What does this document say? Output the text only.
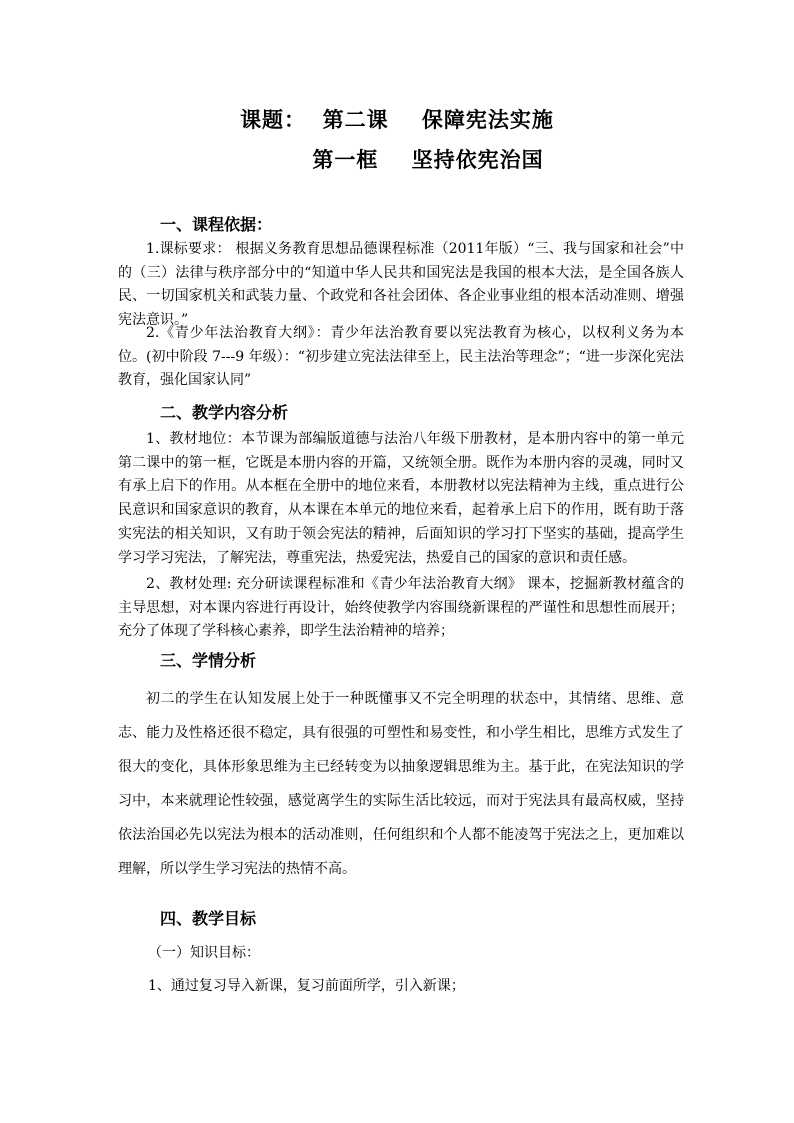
课题：  第二课    保障宪法实施
第一框    坚持依宪治国
一、课程依据：

1.课标要求： 根据义务教育思想品德课程标准（2011年版）“三、我与国家和社会”中的（三）法律与秩序部分中的“知道中华人民共和国宪法是我国的根本大法，是全国各族人民、一切国家机关和武装力量、个政党和各社会团体、各企业事业组的根本活动准则、增强宪法意识。”

2.《青少年法治教育大纲》：青少年法治教育要以宪法教育为核心，以权利义务为本位。(初中阶段 7---9 年级）：“初步建立宪法法律至上，民主法治等理念”；“进一步深化宪法教育，强化国家认同”

二、教学内容分析

1、教材地位：本节课为部编版道德与法治八年级下册教材，是本册内容中的第一单元第二课中的第一框，它既是本册内容的开篇，又统领全册。既作为本册内容的灵魂，同时又有承上启下的作用。从本框在全册中的地位来看，本册教材以宪法精神为主线，重点进行公民意识和国家意识的教育，从本课在本单元的地位来看，起着承上启下的作用，既有助于落实宪法的相关知识，又有助于领会宪法的精神，后面知识的学习打下坚实的基础，提高学生学习学习宪法，了解宪法，尊重宪法，热爱宪法，热爱自己的国家的意识和责任感。

2、教材处理: 充分研读课程标准和《青少年法治教育大纲》 课本，挖掘新教材蕴含的主导思想，对本课内容进行再设计，始终使教学内容围绕新课程的严谨性和思想性而展开；充分了体现了学科核心素养，即学生法治精神的培养；

三、学情分析

初二的学生在认知发展上处于一种既懂事又不完全明理的状态中，其情绪、思维、意志、能力及性格还很不稳定，具有很强的可塑性和易变性，和小学生相比，思维方式发生了很大的变化，具体形象思维为主已经转变为以抽象逻辑思维为主。基于此，在宪法知识的学习中，本来就理论性较强，感觉离学生的实际生活比较远，而对于宪法具有最高权威，坚持依法治国必先以宪法为根本的活动准则，任何组织和个人都不能凌驾于宪法之上，更加难以理解，所以学生学习宪法的热情不高。

四、教学目标
（一）知识目标：
1、通过复习导入新课，复习前面所学，引入新课；
